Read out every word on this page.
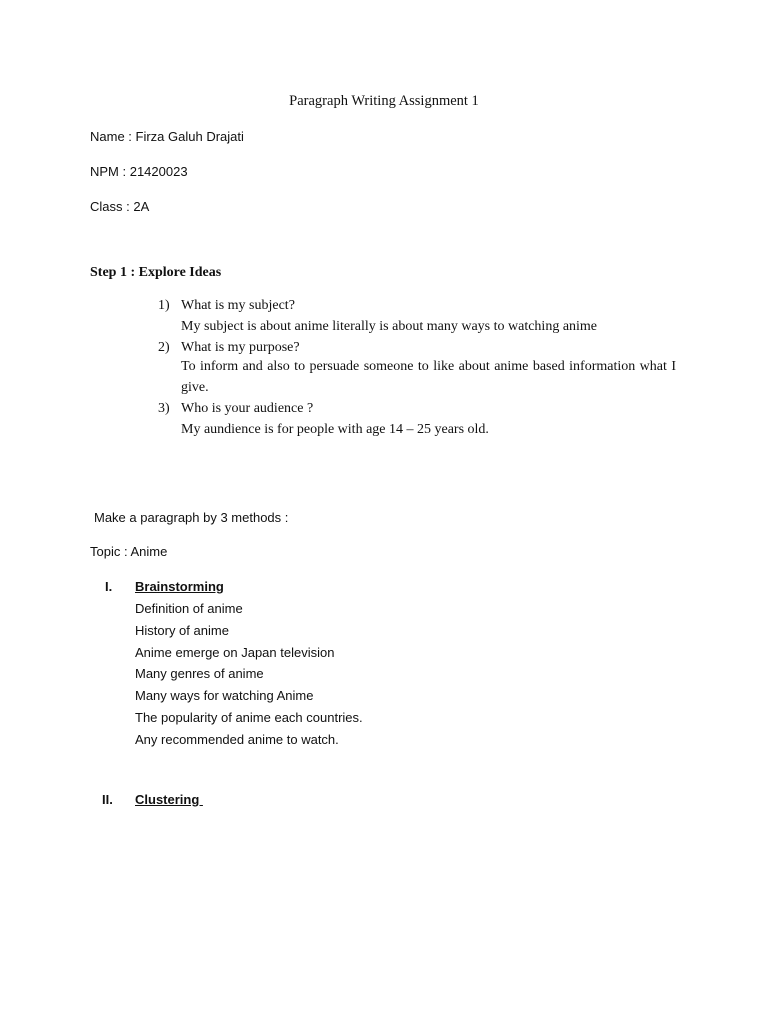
Paragraph Writing Assignment 1
Name : Firza Galuh Drajati
NPM : 21420023
Class : 2A
Step 1 : Explore Ideas
1) What is my subject?
My subject is about anime literally is about many ways to watching anime
2) What is my purpose?
To inform and also to persuade someone to like about anime based information what I give.
3) Who is your audience ?
My aundience is for people with age 14 – 25 years old.
Make a paragraph by 3 methods :
Topic : Anime
I. Brainstorming
Definition of anime
History of anime
Anime emerge on Japan television
Many genres of anime
Many ways for watching Anime
The popularity of anime each countries.
Any recommended anime to watch.
II. Clustering
